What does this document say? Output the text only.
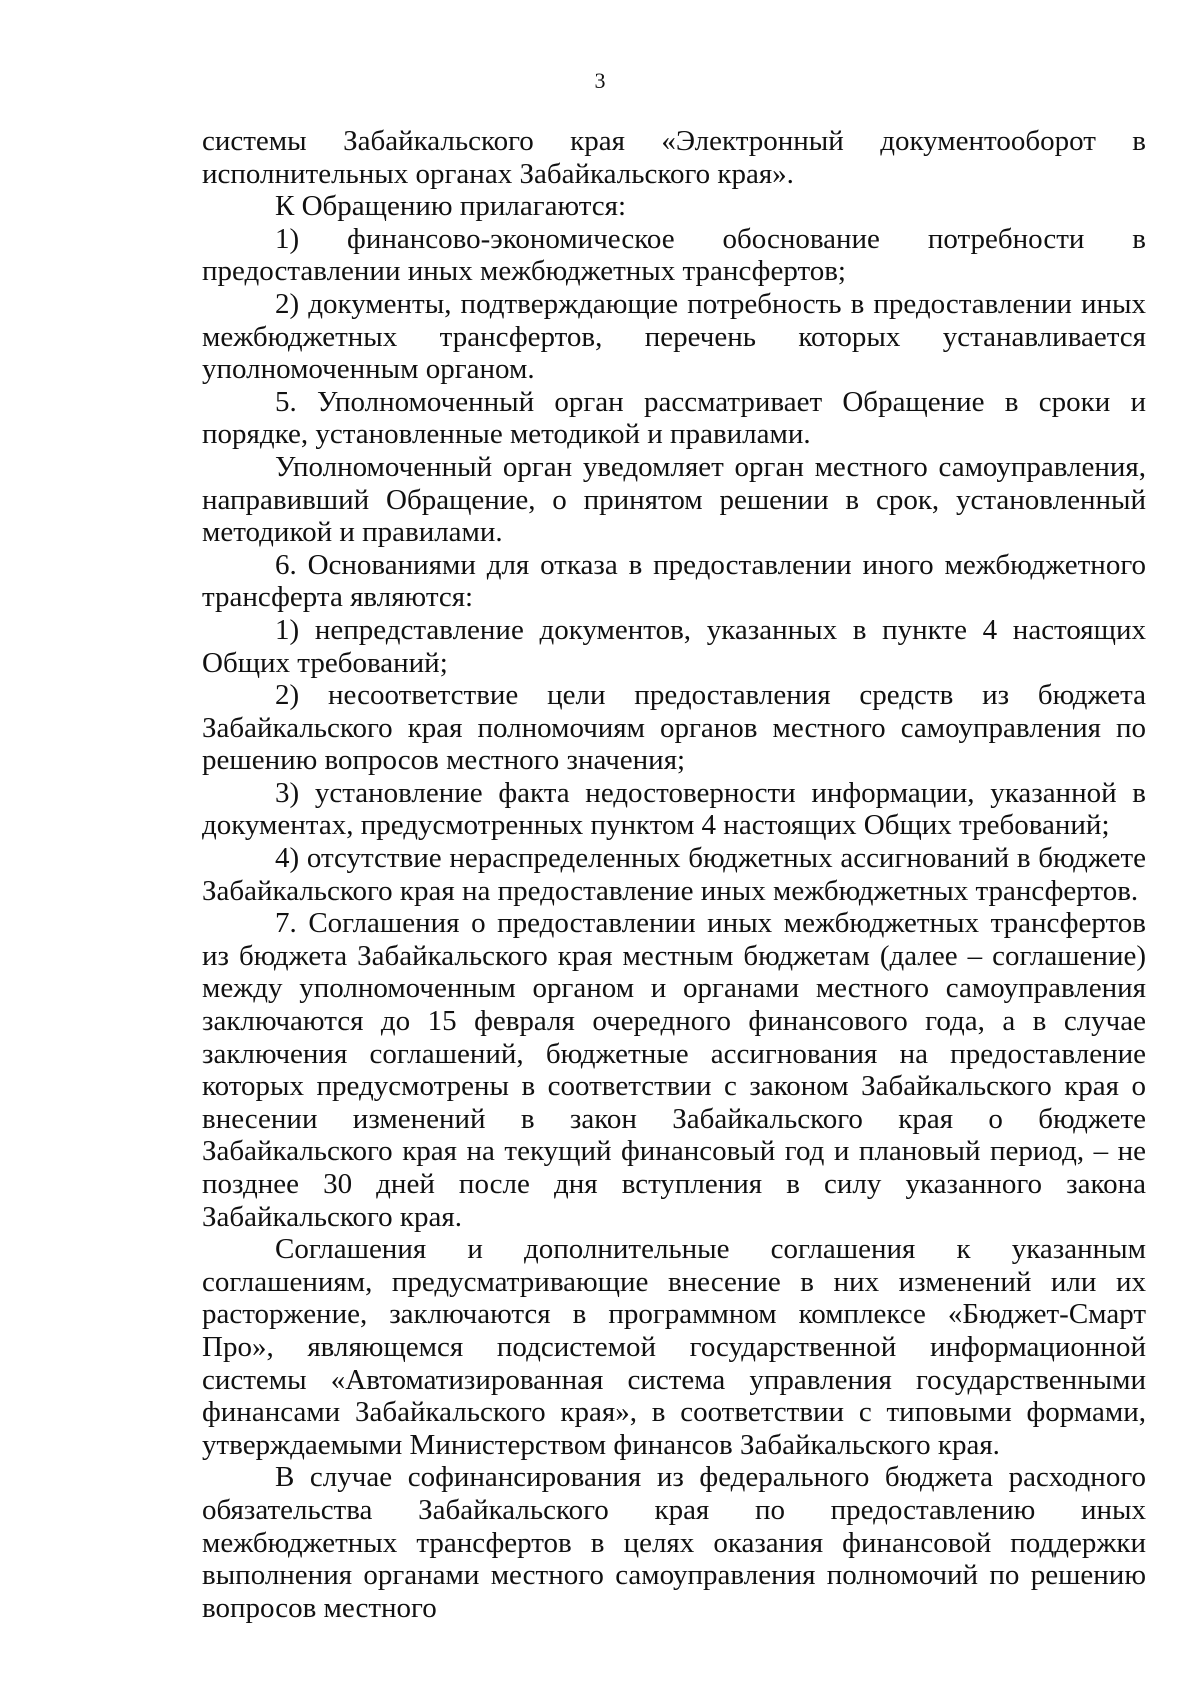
3

системы Забайкальского края «Электронный документооборот в исполнительных органах Забайкальского края».

К Обращению прилагаются:

1) финансово-экономическое обоснование потребности в предоставлении иных межбюджетных трансфертов;

2) документы, подтверждающие потребность в предоставлении иных межбюджетных трансфертов, перечень которых устанавливается уполномоченным органом.

5. Уполномоченный орган рассматривает Обращение в сроки и порядке, установленные методикой и правилами.

Уполномоченный орган уведомляет орган местного самоуправления, направивший Обращение, о принятом решении в срок, установленный методикой и правилами.

6. Основаниями для отказа в предоставлении иного межбюджетного трансферта являются:

1) непредставление документов, указанных в пункте 4 настоящих Общих требований;

2) несоответствие цели предоставления средств из бюджета Забайкальского края полномочиям органов местного самоуправления по решению вопросов местного значения;

3) установление факта недостоверности информации, указанной в документах, предусмотренных пунктом 4 настоящих Общих требований;

4) отсутствие нераспределенных бюджетных ассигнований в бюджете Забайкальского края на предоставление иных межбюджетных трансфертов.

7. Соглашения о предоставлении иных межбюджетных трансфертов из бюджета Забайкальского края местным бюджетам (далее – соглашение) между уполномоченным органом и органами местного самоуправления заключаются до 15 февраля очередного финансового года, а в случае заключения соглашений, бюджетные ассигнования на предоставление которых предусмотрены в соответствии с законом Забайкальского края о внесении изменений в закон Забайкальского края о бюджете Забайкальского края на текущий финансовый год и плановый период, – не позднее 30 дней после дня вступления в силу указанного закона Забайкальского края.

Соглашения и дополнительные соглашения к указанным соглашениям, предусматривающие внесение в них изменений или их расторжение, заключаются в программном комплексе «Бюджет-Смарт Про», являющемся подсистемой государственной информационной системы «Автоматизированная система управления государственными финансами Забайкальского края», в соответствии с типовыми формами, утверждаемыми Министерством финансов Забайкальского края.

В случае софинансирования из федерального бюджета расходного обязательства Забайкальского края по предоставлению иных межбюджетных трансфертов в целях оказания финансовой поддержки выполнения органами местного самоуправления полномочий по решению вопросов местного
